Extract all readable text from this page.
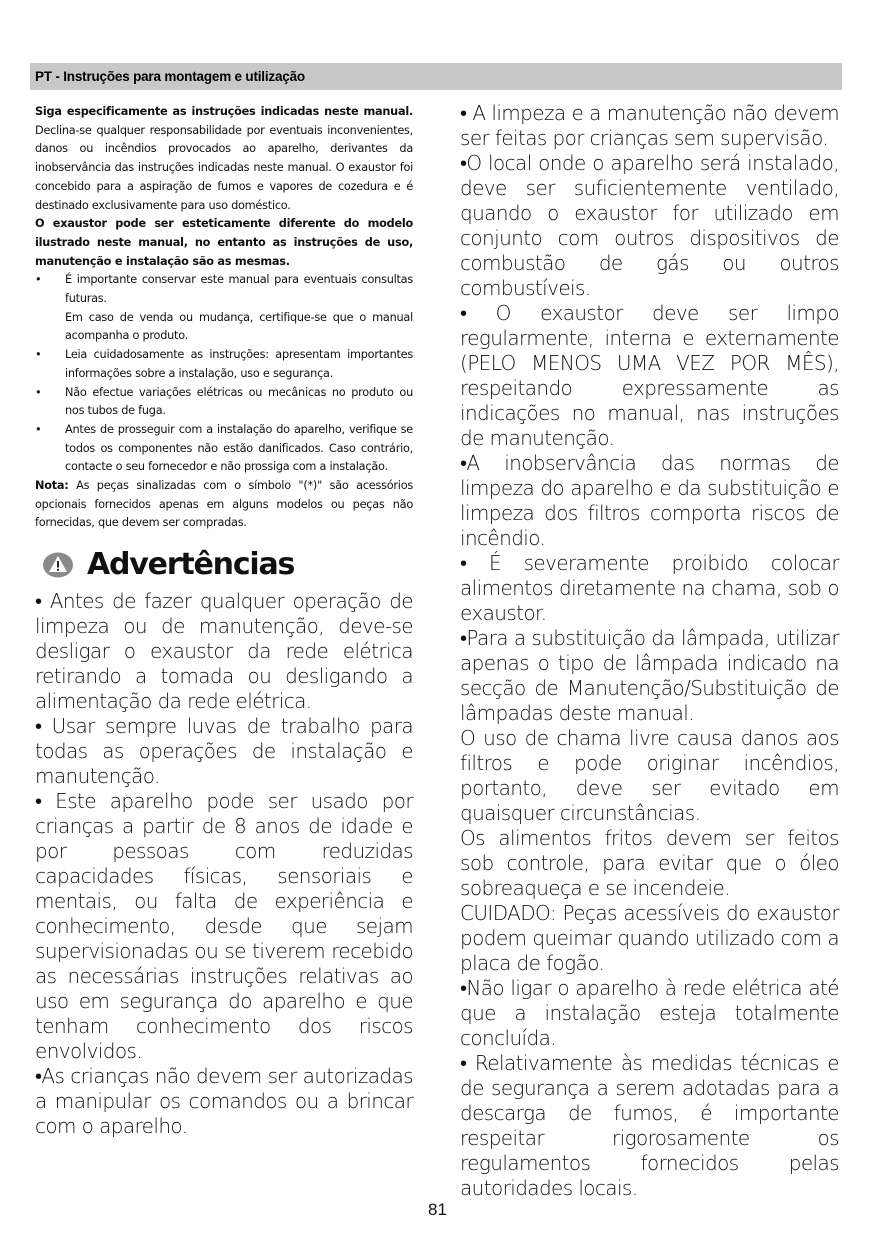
PT - Instruções para montagem e utilização

Siga especificamente as instruções indicadas neste manual. Declina-se qualquer responsabilidade por eventuais inconvenientes, danos ou incêndios provocados ao aparelho, derivantes da inobservância das instruções indicadas neste manual. O exaustor foi concebido para a aspiração de fumos e vapores de cozedura e é destinado exclusivamente para uso doméstico.

O exaustor pode ser esteticamente diferente do modelo ilustrado neste manual, no entanto as instruções de uso, manutenção e instalação são as mesmas.

• É importante conservar este manual para eventuais consultas futuras.
Em caso de venda ou mudança, certifique-se que o manual acompanha o produto.
• Leia cuidadosamente as instruções: apresentam importantes informações sobre a instalação, uso e segurança.
• Não efectue variações elétricas ou mecânicas no produto ou nos tubos de fuga.
• Antes de prosseguir com a instalação do aparelho, verifique se todos os componentes não estão danificados. Caso contrário, contacte o seu fornecedor e não prossiga com a instalação.

Nota: As peças sinalizadas com o símbolo "(*)" são acessórios opcionais fornecidos apenas em alguns modelos ou peças não fornecidas, que devem ser compradas.

Advertências

• Antes de fazer qualquer operação de limpeza ou de manutenção, deve-se desligar o exaustor da rede elétrica retirando a tomada ou desligando a alimentação da rede elétrica.

• Usar sempre luvas de trabalho para todas as operações de instalação e manutenção.

• Este aparelho pode ser usado por crianças a partir de 8 anos de idade e por pessoas com reduzidas capacidades físicas, sensoriais e mentais, ou falta de experiência e conhecimento, desde que sejam supervisionadas ou se tiverem recebido as necessárias instruções relativas ao uso em segurança do aparelho e que tenham conhecimento dos riscos envolvidos.

•As crianças não devem ser autorizadas a manipular os comandos ou a brincar com o aparelho.

• A limpeza e a manutenção não devem ser feitas por crianças sem supervisão.

•O local onde o aparelho será instalado, deve ser suficientemente ventilado, quando o exaustor for utilizado em conjunto com outros dispositivos de combustão de gás ou outros combustíveis.

• O exaustor deve ser limpo regularmente, interna e externamente (PELO MENOS UMA VEZ POR MÊS), respeitando expressamente as indicações no manual, nas instruções de manutenção.

•A inobservância das normas de limpeza do aparelho e da substituição e limpeza dos filtros comporta riscos de incêndio.

• É severamente proibido colocar alimentos diretamente na chama, sob o exaustor.

•Para a substituição da lâmpada, utilizar apenas o tipo de lâmpada indicado na secção de Manutenção/Substituição de lâmpadas deste manual.

O uso de chama livre causa danos aos filtros e pode originar incêndios, portanto, deve ser evitado em quaisquer circunstâncias.

Os alimentos fritos devem ser feitos sob controle, para evitar que o óleo sobreaqueça e se incendeie.

CUIDADO: Peças acessíveis do exaustor podem queimar quando utilizado com a placa de fogão.

•Não ligar o aparelho à rede elétrica até que a instalação esteja totalmente concluída.

• Relativamente às medidas técnicas e de segurança a serem adotadas para a descarga de fumos, é importante respeitar rigorosamente os regulamentos fornecidos pelas autoridades locais.

81
